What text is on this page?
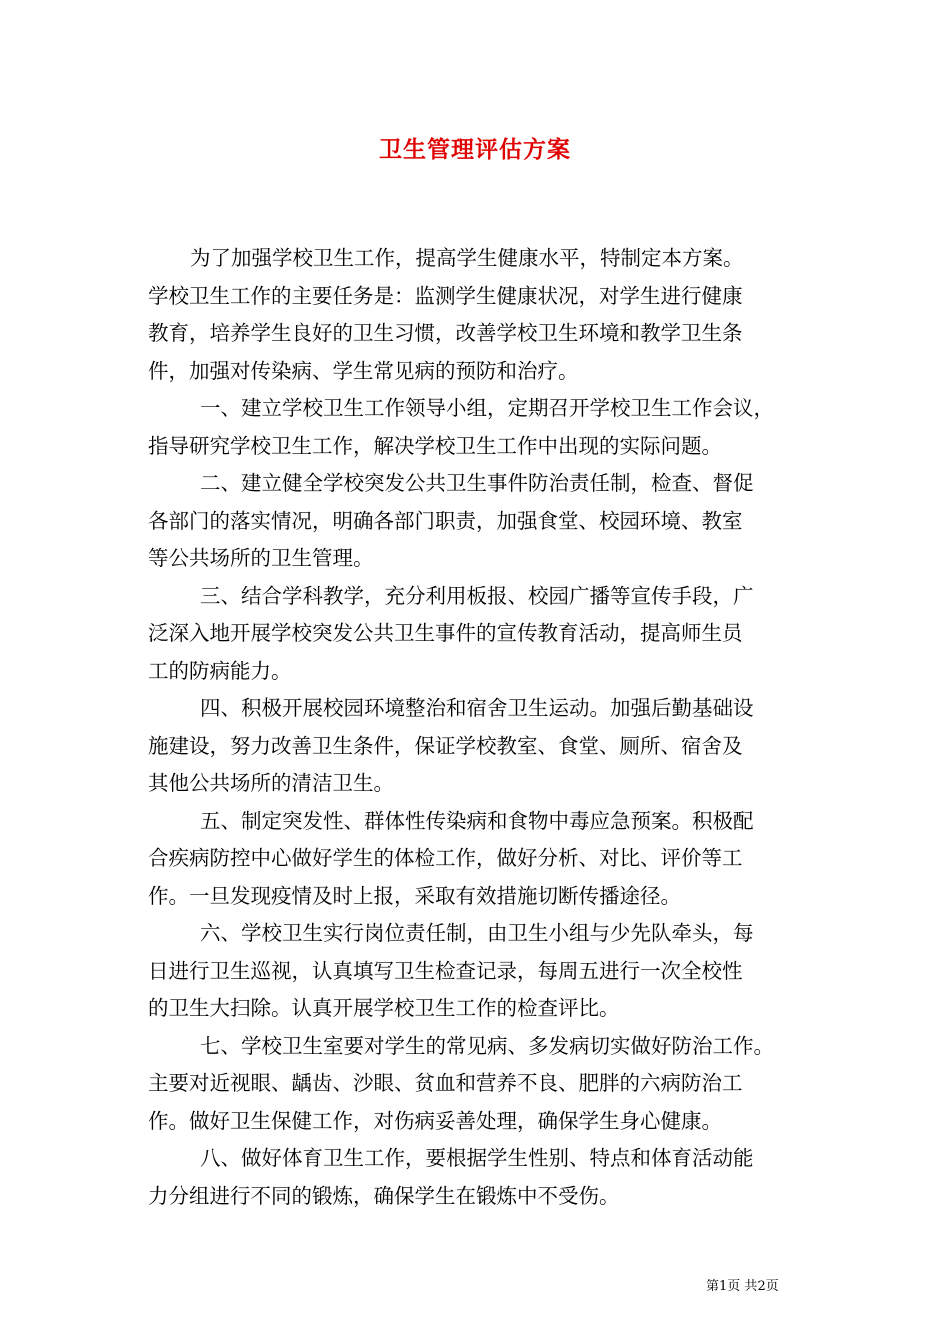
卫生管理评估方案
为了加强学校卫生工作，提高学生健康水平，特制定本方案。
学校卫生工作的主要任务是：监测学生健康状况，对学生进行健康
教育，培养学生良好的卫生习惯，改善学校卫生环境和教学卫生条
件，加强对传染病、学生常见病的预防和治疗。
一、建立学校卫生工作领导小组，定期召开学校卫生工作会议，
指导研究学校卫生工作，解决学校卫生工作中出现的实际问题。
二、建立健全学校突发公共卫生事件防治责任制，检查、督促
各部门的落实情况，明确各部门职责，加强食堂、校园环境、教室
等公共场所的卫生管理。
三、结合学科教学，充分利用板报、校园广播等宣传手段，广
泛深入地开展学校突发公共卫生事件的宣传教育活动，提高师生员
工的防病能力。
四、积极开展校园环境整治和宿舍卫生运动。加强后勤基础设
施建设，努力改善卫生条件，保证学校教室、食堂、厕所、宿舍及
其他公共场所的清洁卫生。
五、制定突发性、群体性传染病和食物中毒应急预案。积极配
合疾病防控中心做好学生的体检工作，做好分析、对比、评价等工
作。一旦发现疫情及时上报，采取有效措施切断传播途径。
六、学校卫生实行岗位责任制，由卫生小组与少先队牵头，每
日进行卫生巡视，认真填写卫生检查记录，每周五进行一次全校性
的卫生大扫除。认真开展学校卫生工作的检查评比。
七、学校卫生室要对学生的常见病、多发病切实做好防治工作。
主要对近视眼、龋齿、沙眼、贫血和营养不良、肥胖的六病防治工
作。做好卫生保健工作，对伤病妥善处理，确保学生身心健康。
八、做好体育卫生工作，要根据学生性别、特点和体育活动能
力分组进行不同的锻炼，确保学生在锻炼中不受伤。
第1页 共2页
